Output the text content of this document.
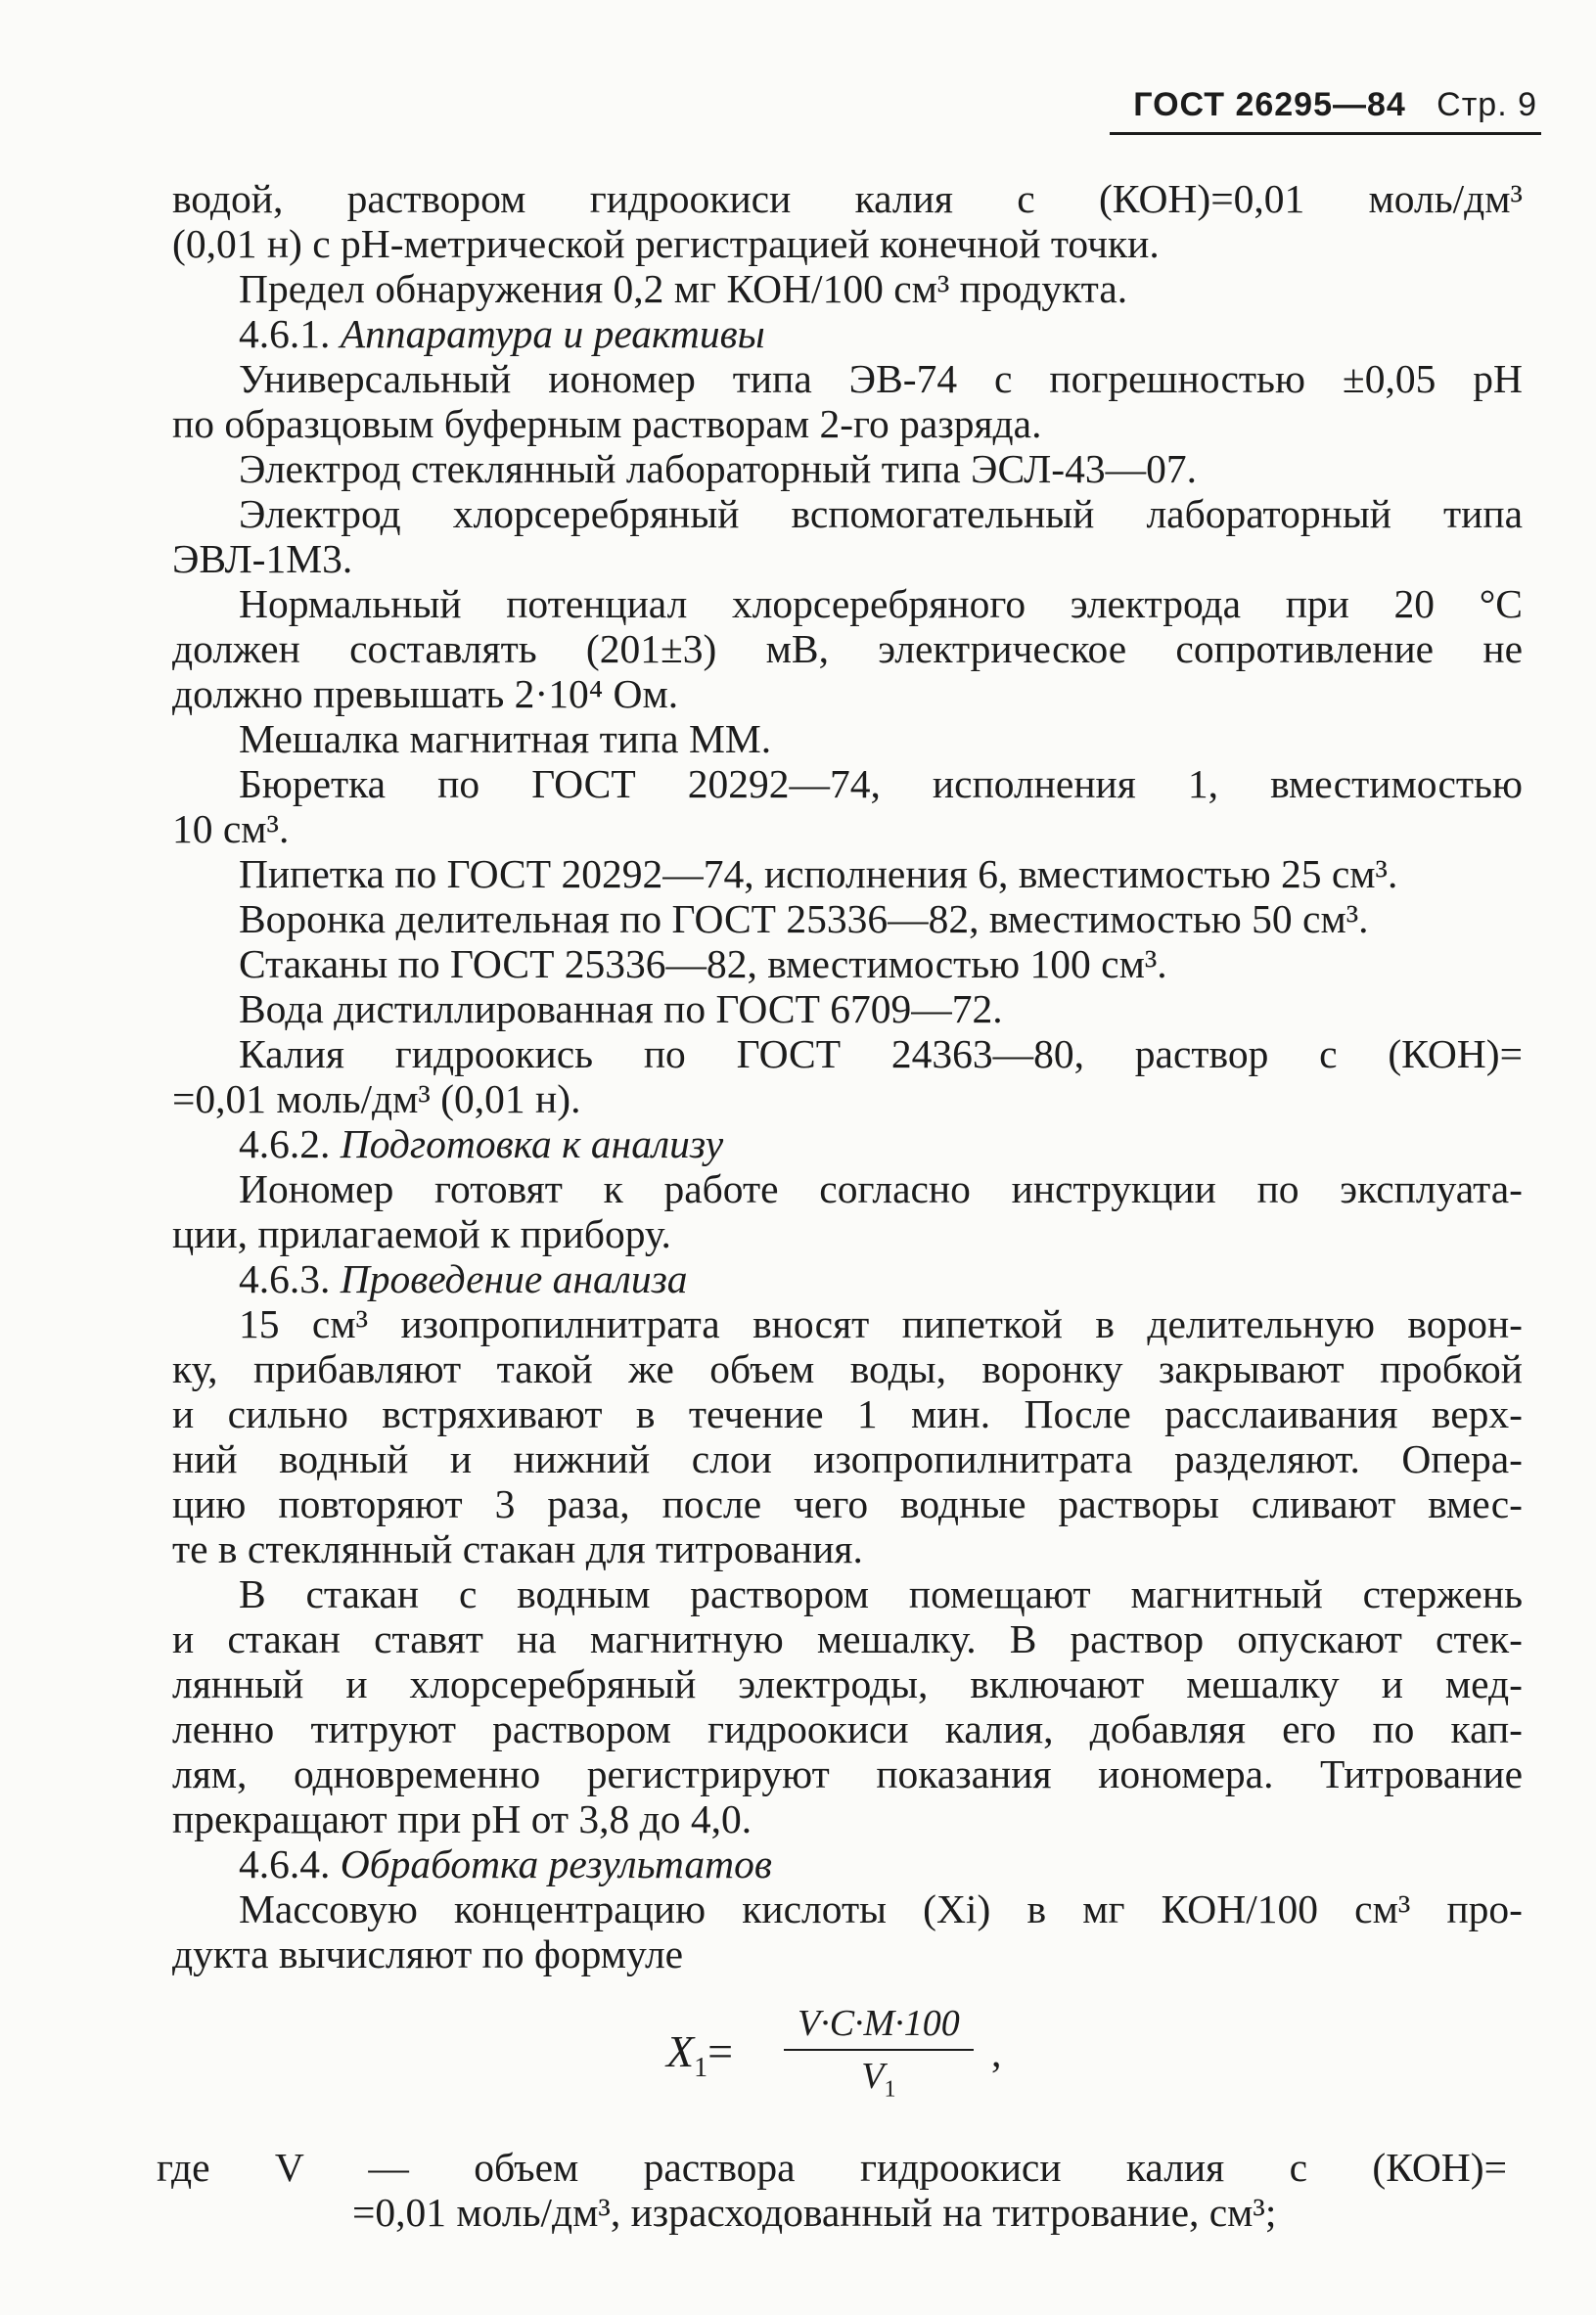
ГОСТ 26295—84 Стр. 9
водой, раствором гидроокиси калия c (КОН)=0,01 моль/дм³
(0,01 н) с рН-метрической регистрацией конечной точки.
Предел обнаружения 0,2 мг КОН/100 см³ продукта.
4.6.1. Аппаратура и реактивы
Универсальный иономер типа ЭВ-74 с погрешностью ±0,05 pH
по образцовым буферным растворам 2-го разряда.
Электрод стеклянный лабораторный типа ЭСЛ-43—07.
Электрод хлорсеребряный вспомогательный лабораторный типа
ЭВЛ-1М3.
Нормальный потенциал хлорсеребряного электрода при 20 °C
должен составлять (201±3) мВ, электрическое сопротивление не
должно превышать 2·10⁴ Ом.
Мешалка магнитная типа ММ.
Бюретка по ГОСТ 20292—74, исполнения 1, вместимостью
10 см³.
Пипетка по ГОСТ 20292—74, исполнения 6, вместимостью 25 см³.
Воронка делительная по ГОСТ 25336—82, вместимостью 50 см³.
Стаканы по ГОСТ 25336—82, вместимостью 100 см³.
Вода дистиллированная по ГОСТ 6709—72.
Калия гидроокись по ГОСТ 24363—80, раствор c (КОН)=
=0,01 моль/дм³ (0,01 н).
4.6.2. Подготовка к анализу
Иономер готовят к работе согласно инструкции по эксплуата-
ции, прилагаемой к прибору.
4.6.3. Проведение анализа
15 см³ изопропилнитрата вносят пипеткой в делительную ворон-
ку, прибавляют такой же объем воды, воронку закрывают пробкой
и сильно встряхивают в течение 1 мин. После расслаивания верх-
ний водный и нижний слои изопропилнитрата разделяют. Опера-
цию повторяют 3 раза, после чего водные растворы сливают вмес-
те в стеклянный стакан для титрования.
В стакан с водным раствором помещают магнитный стержень
и стакан ставят на магнитную мешалку. В раствор опускают стек-
лянный и хлорсеребряный электроды, включают мешалку и мед-
ленно титруют раствором гидроокиси калия, добавляя его по кап-
лям, одновременно регистрируют показания иономера. Титрование
прекращают при рН от 3,8 до 4,0.
4.6.4. Обработка результатов
Массовую концентрацию кислоты (Xi) в мг КОН/100 см³ про-
дукта вычисляют по формуле
$X_1= \frac{V\cdot C\cdot M\cdot 100}{V_1}$ ,
где V — объем раствора гидроокиси калия c (КОН)=
=0,01 моль/дм³, израсходованный на титрование, см³;
